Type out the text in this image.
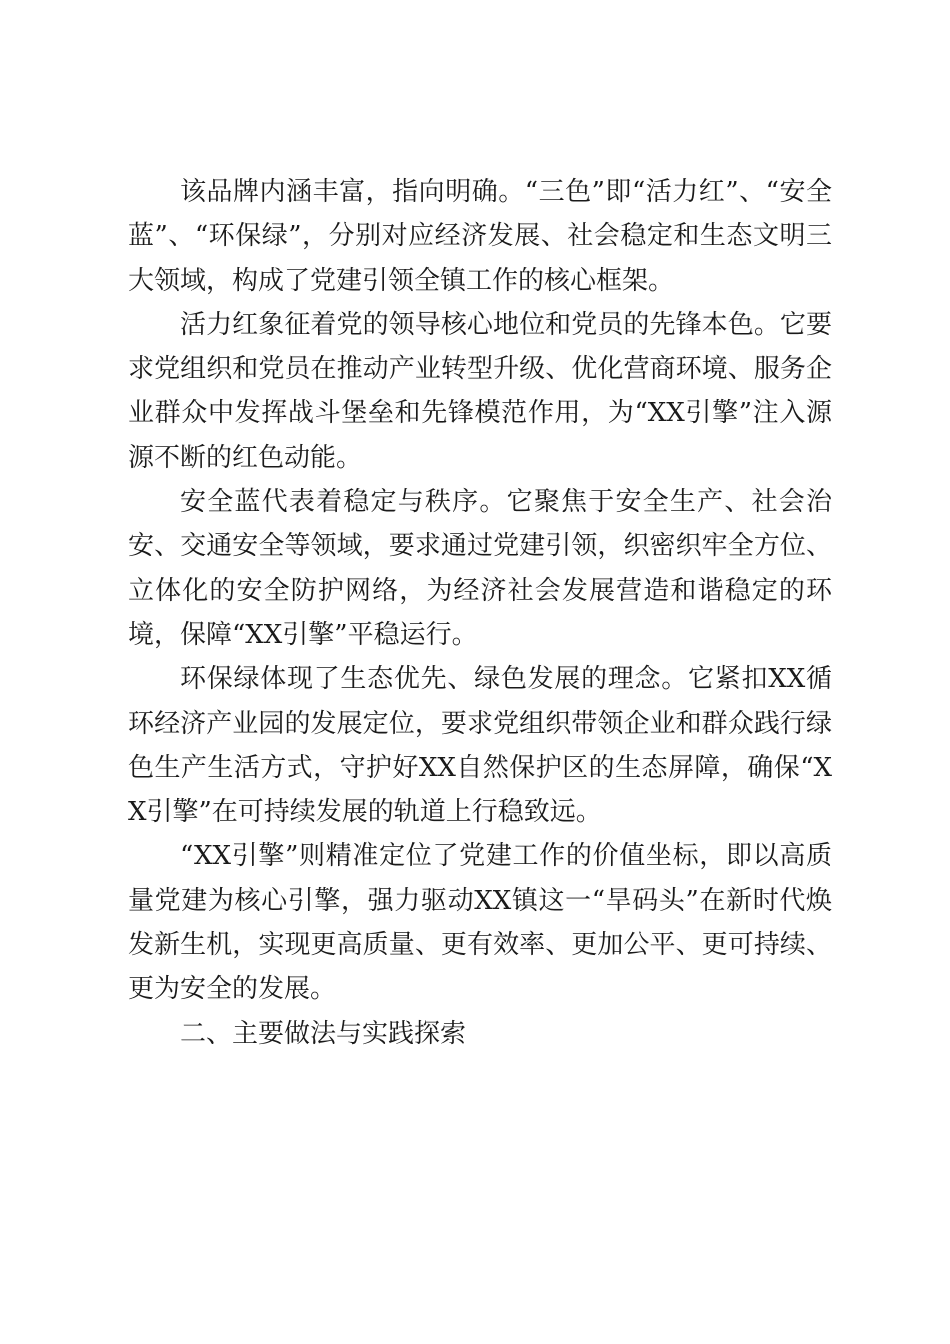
该品牌内涵丰富，指向明确。“三色”即“活力红”、“安全蓝”、“环保绿”，分别对应经济发展、社会稳定和生态文明三大领域，构成了党建引领全镇工作的核心框架。

活力红象征着党的领导核心地位和党员的先锋本色。它要求党组织和党员在推动产业转型升级、优化营商环境、服务企业群众中发挥战斗堡垒和先锋模范作用，为“XX引擎”注入源源不断的红色动能。

安全蓝代表着稳定与秩序。它聚焦于安全生产、社会治安、交通安全等领域，要求通过党建引领，织密织牢全方位、立体化的安全防护网络，为经济社会发展营造和谐稳定的环境，保障“XX引擎”平稳运行。

环保绿体现了生态优先、绿色发展的理念。它紧扣XX循环经济产业园的发展定位，要求党组织带领企业和群众践行绿色生产生活方式，守护好XX自然保护区的生态屏障，确保“XX引擎”在可持续发展的轨道上行稳致远。

“XX引擎”则精准定位了党建工作的价值坐标，即以高质量党建为核心引擎，强力驱动XX镇这一“旱码头”在新时代焕发新生机，实现更高质量、更有效率、更加公平、更可持续、更为安全的发展。

二、主要做法与实践探索
